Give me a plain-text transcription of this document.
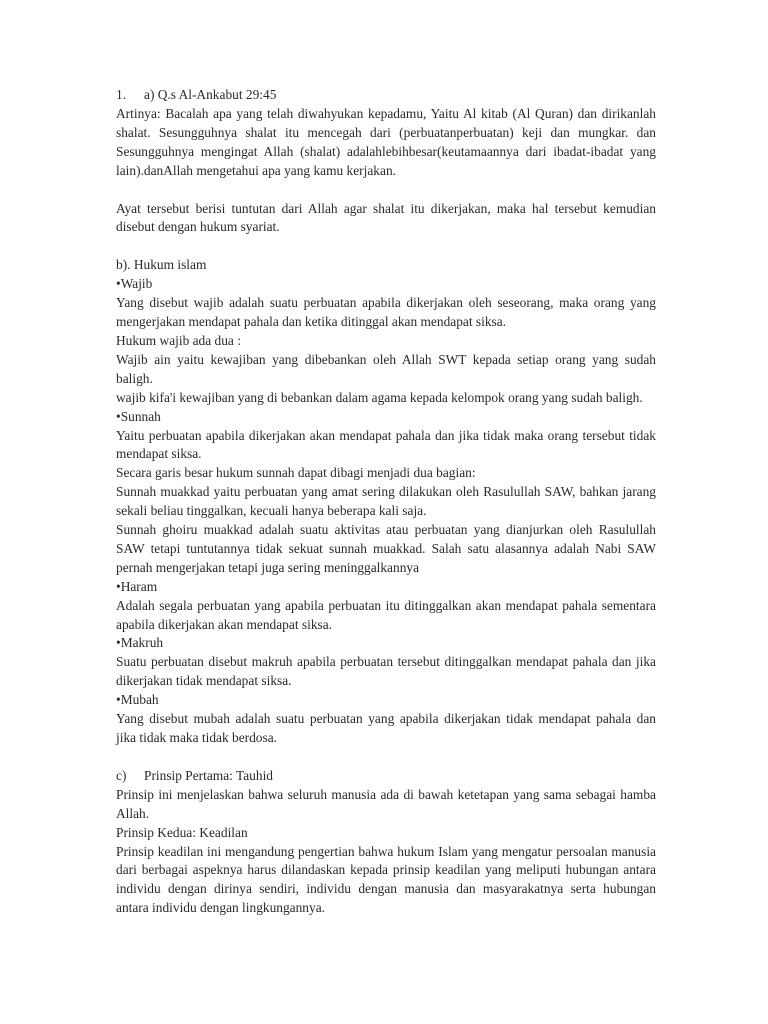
1. a) Q.s Al-Ankabut 29:45
Artinya: Bacalah apa yang telah diwahyukan kepadamu, Yaitu Al kitab (Al Quran) dan dirikanlah
shalat. Sesungguhnya shalat itu mencegah dari (perbuatanperbuatan) keji dan mungkar. dan
Sesungguhnya mengingat Allah (shalat) adalahlebihbesar(keutamaannya dari ibadat-ibadat yang
lain).danAllah mengetahui apa yang kamu kerjakan.
Ayat tersebut berisi tuntutan dari Allah agar shalat itu dikerjakan, maka hal tersebut kemudian
disebut dengan hukum syariat.
b). Hukum islam
•Wajib
Yang disebut wajib adalah suatu perbuatan apabila dikerjakan oleh seseorang, maka orang yang
mengerjakan mendapat pahala dan ketika ditinggal akan mendapat siksa.
Hukum wajib ada dua :
Wajib ain yaitu kewajiban yang dibebankan oleh Allah SWT kepada setiap orang yang sudah
baligh.
wajib kifa'i kewajiban yang di bebankan dalam agama kepada kelompok orang yang sudah baligh.
•Sunnah
Yaitu perbuatan apabila dikerjakan akan mendapat pahala dan jika tidak maka orang tersebut tidak
mendapat siksa.
Secara garis besar hukum sunnah dapat dibagi menjadi dua bagian:
Sunnah muakkad yaitu perbuatan yang amat sering dilakukan oleh Rasulullah SAW, bahkan jarang
sekali beliau tinggalkan, kecuali hanya beberapa kali saja.
Sunnah ghoiru muakkad adalah suatu aktivitas atau perbuatan yang dianjurkan oleh Rasulullah
SAW tetapi tuntutannya tidak sekuat sunnah muakkad. Salah satu alasannya adalah Nabi SAW
pernah mengerjakan tetapi juga sering meninggalkannya
•Haram
Adalah segala perbuatan yang apabila perbuatan itu ditinggalkan akan mendapat pahala sementara
apabila dikerjakan akan mendapat siksa.
•Makruh
Suatu perbuatan disebut makruh apabila perbuatan tersebut ditinggalkan mendapat pahala dan jika
dikerjakan tidak mendapat siksa.
•Mubah
Yang disebut mubah adalah suatu perbuatan yang apabila dikerjakan tidak mendapat pahala dan
jika tidak maka tidak berdosa.
c) Prinsip Pertama: Tauhid
Prinsip ini menjelaskan bahwa seluruh manusia ada di bawah ketetapan yang sama sebagai hamba
Allah.
Prinsip Kedua: Keadilan
Prinsip keadilan ini mengandung pengertian bahwa hukum Islam yang mengatur persoalan manusia
dari berbagai aspeknya harus dilandaskan kepada prinsip keadilan yang meliputi hubungan antara
individu dengan dirinya sendiri, individu dengan manusia dan masyarakatnya serta hubungan
antara individu dengan lingkungannya.
